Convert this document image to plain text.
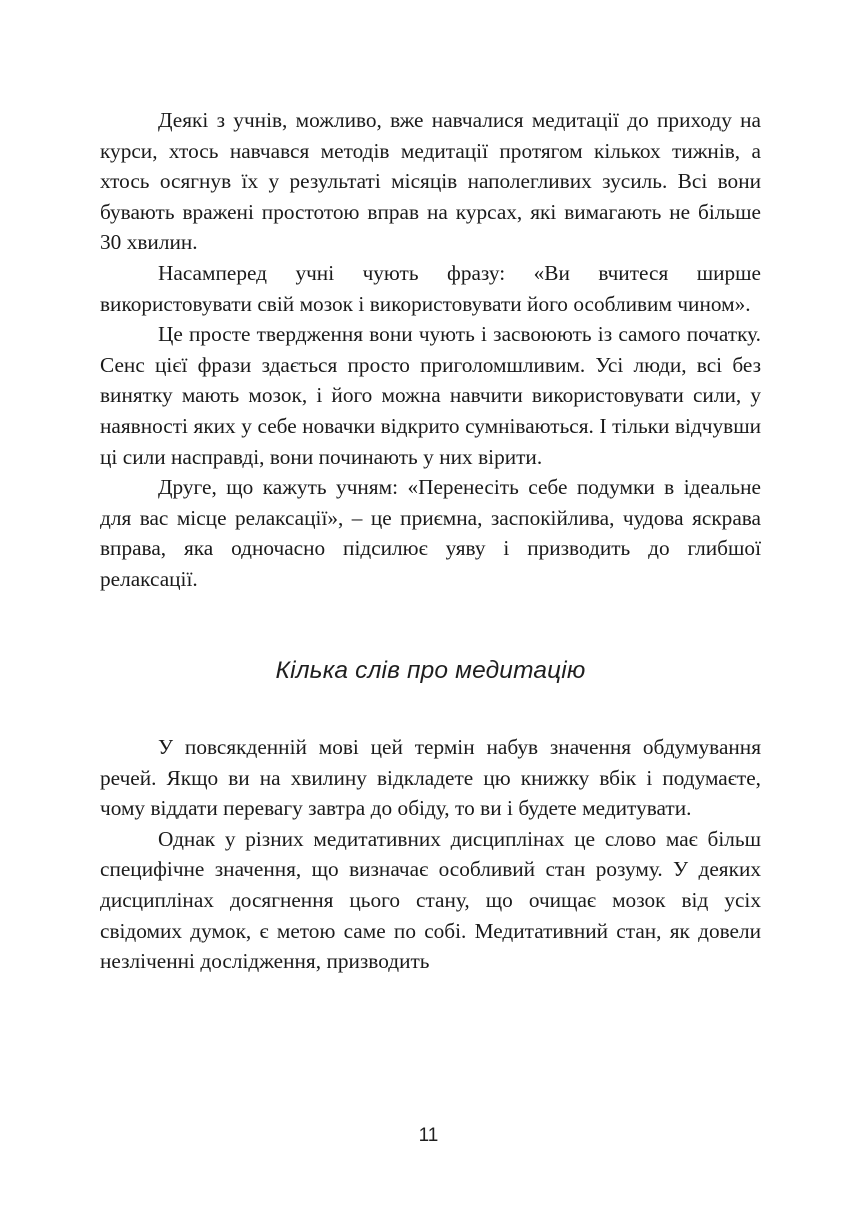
Деякі з учнів, можливо, вже навчалися медитації до приходу на курси, хтось навчався методів медитації протягом кількох тижнів, а хтось осягнув їх у результаті місяців наполегливих зусиль. Всі вони бувають вражені простотою вправ на курсах, які вимагають не більше 30 хвилин.

Насамперед учні чують фразу: «Ви вчитеся ширше використовувати свій мозок і використовувати його особливим чином».

Це просте твердження вони чують і засвоюють із самого початку. Сенс цієї фрази здається просто приголомшливим. Усі люди, всі без винятку мають мозок, і його можна навчити використовувати сили, у наявності яких у себе новачки відкрито сумніваються. І тільки відчувши ці сили насправді, вони починають у них вірити.

Друге, що кажуть учням: «Перенесіть себе подумки в ідеальне для вас місце релаксації», – це приємна, заспокійлива, чудова яскрава вправа, яка одночасно підсилює уяву і призводить до глибшої релаксації.

Кілька слів про медитацію

У повсякденній мові цей термін набув значення обдумування речей. Якщо ви на хвилину відкладете цю книжку вбік і подумаєте, чому віддати перевагу завтра до обіду, то ви і будете медитувати.

Однак у різних медитативних дисциплінах це слово має більш специфічне значення, що визначає особливий стан розуму. У деяких дисциплінах досягнення цього стану, що очищає мозок від усіх свідомих думок, є метою саме по собі. Медитативний стан, як довели незліченні дослідження, призводить

11
